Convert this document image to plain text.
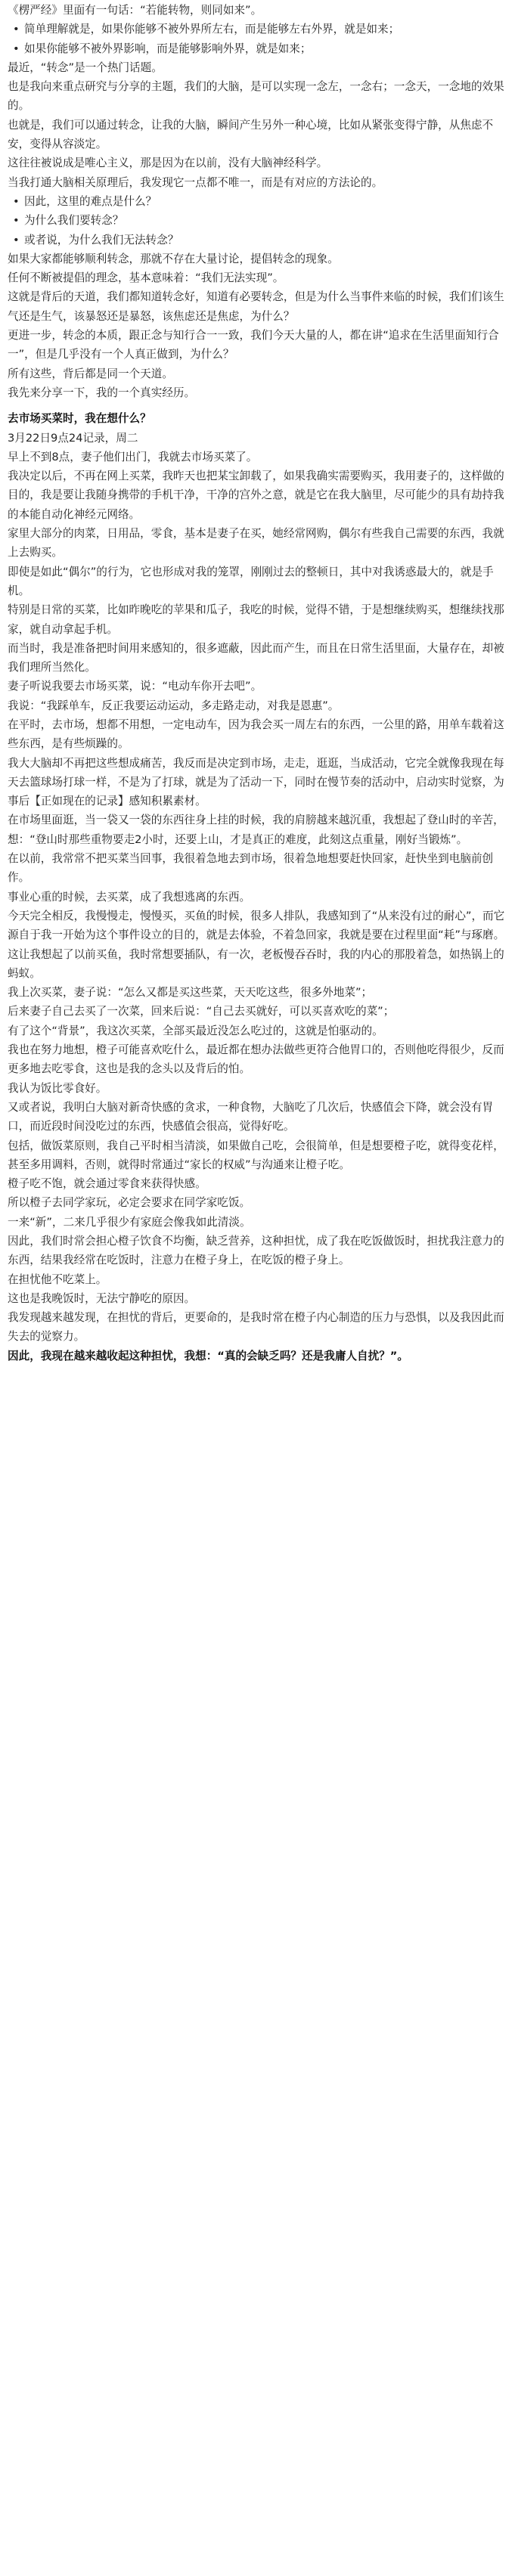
《楞严经》里面有一句话：“若能转物，则同如来”。

• 简单理解就是，如果你能够不被外界所左右，而是能够左右外界，就是如来；

• 如果你能够不被外界影响，而是能够影响外界，就是如来；

最近，“转念”是一个热门话题。

也是我向来重点研究与分享的主题，我们的大脑，是可以实现一念左，一念右；一念天，一念地的效果的。

也就是，我们可以通过转念，让我的大脑，瞬间产生另外一种心境，比如从紧张变得宁静，从焦虑不安，变得从容淡定。

这往往被说成是唯心主义，那是因为在以前，没有大脑神经科学。

当我打通大脑相关原理后，我发现它一点都不唯一，而是有对应的方法论的。

• 因此，这里的难点是什么？

• 为什么我们要转念？

• 或者说，为什么我们无法转念？

如果大家都能够顺利转念，那就不存在大量讨论，提倡转念的现象。

任何不断被提倡的理念，基本意味着：“我们无法实现”。

这就是背后的天道，我们都知道转念好，知道有必要转念，但是为什么当事件来临的时候，我们们该生气还是生气，该暴怒还是暴怒，该焦虑还是焦虑，为什么？

更进一步，转念的本质，跟正念与知行合一一致，我们今天大量的人，都在讲“追求在生活里面知行合一”，但是几乎没有一个人真正做到，为什么？

所有这些，背后都是同一个天道。

我先来分享一下，我的一个真实经历。

去市场买菜时，我在想什么？

3月22日9点24记录，周二

早上不到8点，妻子他们出门，我就去市场买菜了。

我决定以后，不再在网上买菜，我昨天也把某宝卸载了，如果我确实需要购买，我用妻子的，这样做的目的，我是要让我随身携带的手机干净，干净的宫外之意，就是它在我大脑里，尽可能少的具有劫持我的本能自动化神经元网络。

家里大部分的肉菜，日用品，零食，基本是妻子在买，她经常网购，偶尔有些我自己需要的东西，我就上去购买。

即使是如此“偶尔”的行为，它也形成对我的笼罩，刚刚过去的整顿日，其中对我诱惑最大的，就是手机。

特别是日常的买菜，比如昨晚吃的苹果和瓜子，我吃的时候，觉得不错，于是想继续购买，想继续找那家，就自动拿起手机。

而当时，我是准备把时间用来感知的，很多遮蔽，因此而产生，而且在日常生活里面，大量存在，却被我们理所当然化。

妻子听说我要去市场买菜，说：“电动车你开去吧”。

我说：“我踩单车，反正我要运动运动，多走路走动，对我是恩惠”。

在平时，去市场，想都不用想，一定电动车，因为我会买一周左右的东西，一公里的路，用单车载着这些东西，是有些烦躁的。

我大大脑却不再把这些想成痛苦，我反而是决定到市场，走走，逛逛，当成活动，它完全就像我现在每天去篮球场打球一样，不是为了打球，就是为了活动一下，同时在慢节奏的活动中，启动实时觉察，为事后【正如现在的记录】感知积累素材。

在市场里面逛，当一袋又一袋的东西往身上挂的时候，我的肩膀越来越沉重，我想起了登山时的辛苦，想：“登山时那些重物要走2小时，还要上山，才是真正的难度，此刻这点重量，刚好当锻炼”。

在以前，我常常不把买菜当回事，我很着急地去到市场，很着急地想要赶快回家，赶快坐到电脑前创作。

事业心重的时候，去买菜，成了我想逃离的东西。

今天完全相反，我慢慢走，慢慢买，买鱼的时候，很多人排队，我感知到了“从来没有过的耐心”，而它源自于我一开始为这个事件设立的目的，就是去体验，不着急回家，我就是要在过程里面“耗”与琢磨。

这让我想起了以前买鱼，我时常想要插队，有一次，老板慢吞吞时，我的内心的那股着急，如热锅上的蚂蚁。

我上次买菜，妻子说：“怎么又都是买这些菜，天天吃这些，很多外地菜”；

后来妻子自己去买了一次菜，回来后说：“自己去买就好，可以买喜欢吃的菜”；

有了这个“背景”，我这次买菜，全部买最近没怎么吃过的，这就是怕驱动的。

我也在努力地想，橙子可能喜欢吃什么，最近都在想办法做些更符合他胃口的，否则他吃得很少，反而更多地去吃零食，这也是我的念头以及背后的怕。

我认为饭比零食好。

又或者说，我明白大脑对新奇快感的贪求，一种食物，大脑吃了几次后，快感值会下降，就会没有胃口，而近段时间没吃过的东西，快感值会很高，觉得好吃。

包括，做饭菜原则，我自己平时相当清淡，如果做自己吃，会很简单，但是想要橙子吃，就得变花样，甚至多用调料，否则，就得时常通过“家长的权威”与沟通来让橙子吃。

橙子吃不饱，就会通过零食来获得快感。

所以橙子去同学家玩，必定会要求在同学家吃饭。

一来“新”，二来几乎很少有家庭会像我如此清淡。

因此，我们时常会担心橙子饮食不均衡，缺乏营养，这种担忧，成了我在吃饭做饭时，担扰我注意力的东西，结果我经常在吃饭时，注意力在橙子身上，在吃饭的橙子身上。

在担忧他不吃菜上。

这也是我晚饭时，无法宁静吃的原因。

我发现越来越发现，在担忧的背后，更要命的，是我时常在橙子内心制造的压力与恐惧，以及我因此而失去的觉察力。

因此，我现在越来越收起这种担忧，我想：“真的会缺乏吗？还是我庸人自扰？”。
